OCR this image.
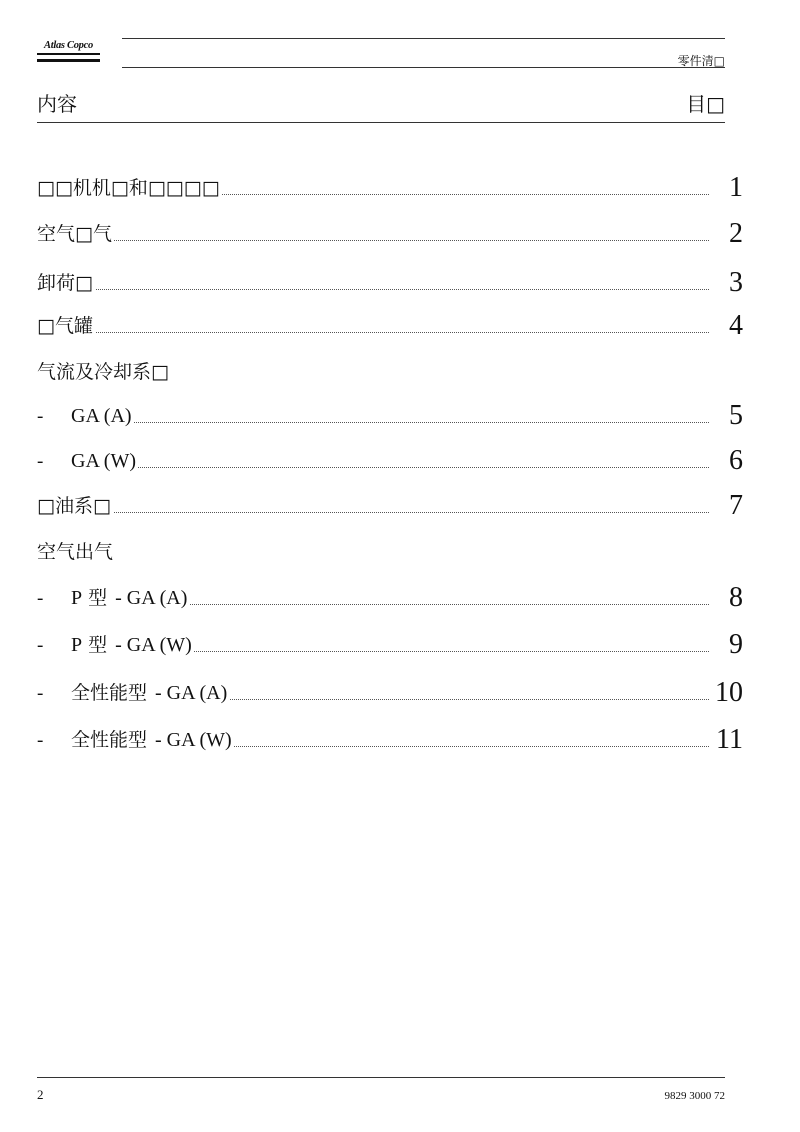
Atlas Copco
零件清□
内容	目□
□□机机□和□□□□	1
空气□气	2
卸荷□	3
□气罐	4
气流及冷却系□
- GA (A)	5
- GA (W)	6
□油系□	7
空气出气
- P 型 - GA (A)	8
- P 型 - GA (W)	9
- 全性能型 - GA (A)	10
- 全性能型 - GA (W)	11
2	9829 3000 72
